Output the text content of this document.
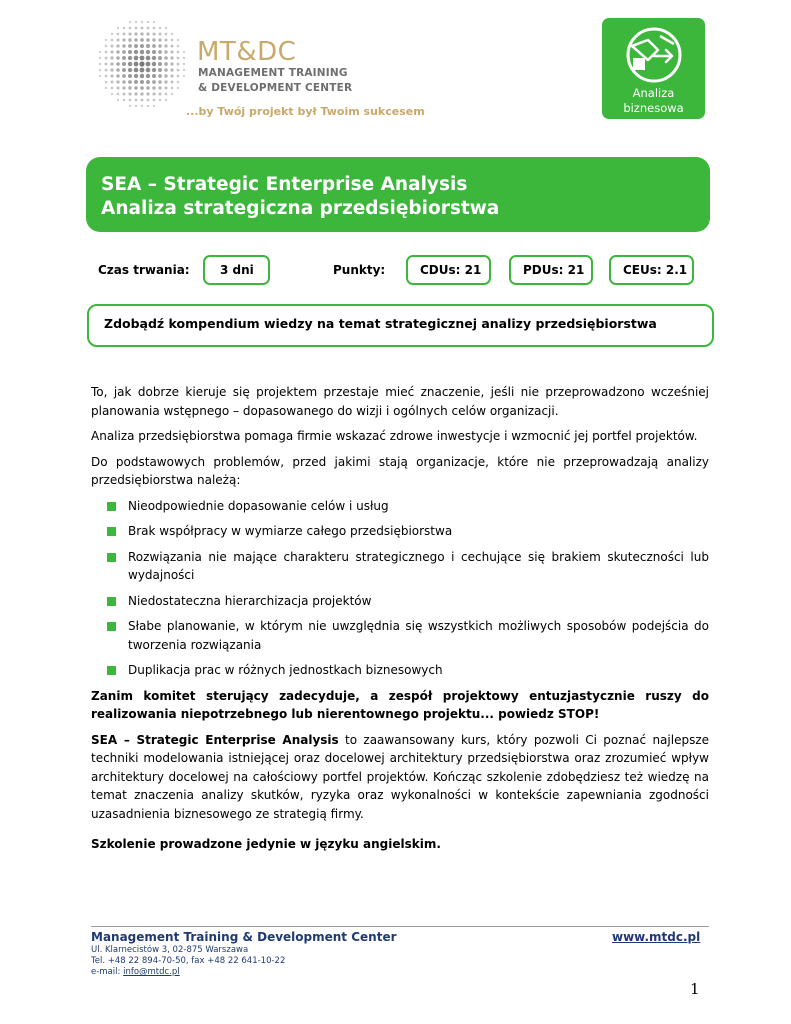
MT&DC
MANAGEMENT TRAINING
& DEVELOPMENT CENTER
...by Twój projekt był Twoim sukcesem
Analiza
biznesowa
SEA – Strategic Enterprise Analysis
Analiza strategiczna przedsiębiorstwa
Czas trwania:	3 dni	Punkty:	CDUs: 21	PDUs: 21	CEUs: 2.1
Zdobądź kompendium wiedzy na temat strategicznej analizy przedsiębiorstwa

To, jak dobrze kieruje się projektem przestaje mieć znaczenie, jeśli nie przeprowadzono wcześniej planowania wstępnego – dopasowanego do wizji i ogólnych celów organizacji.

Analiza przedsiębiorstwa pomaga firmie wskazać zdrowe inwestycje i wzmocnić jej portfel projektów.

Do podstawowych problemów, przed jakimi stają organizacje, które nie przeprowadzają analizy przedsiębiorstwa należą:

Nieodpowiednie dopasowanie celów i usług
Brak współpracy w wymiarze całego przedsiębiorstwa
Rozwiązania nie mające charakteru strategicznego i cechujące się brakiem skuteczności lub wydajności
Niedostateczna hierarchizacja projektów
Słabe planowanie, w którym nie uwzględnia się wszystkich możliwych sposobów podejścia do tworzenia rozwiązania
Duplikacja prac w różnych jednostkach biznesowych

Zanim komitet sterujący zadecyduje, a zespół projektowy entuzjastycznie ruszy do realizowania niepotrzebnego lub nierentownego projektu... powiedz STOP!

SEA – Strategic Enterprise Analysis to zaawansowany kurs, który pozwoli Ci poznać najlepsze techniki modelowania istniejącej oraz docelowej architektury przedsiębiorstwa oraz zrozumieć wpływ architektury docelowej na całościowy portfel projektów. Kończąc szkolenie zdobędziesz też wiedzę na temat znaczenia analizy skutków, ryzyka oraz wykonalności w kontekście zapewniania zgodności uzasadnienia biznesowego ze strategią firmy.

Szkolenie prowadzone jedynie w języku angielskim.

Management Training & Development Center	www.mtdc.pl
Ul. Klarnecistów 3, 02-875 Warszawa
Tel. +48 22 894-70-50, fax +48 22 641-10-22
e-mail: info@mtdc.pl
1
